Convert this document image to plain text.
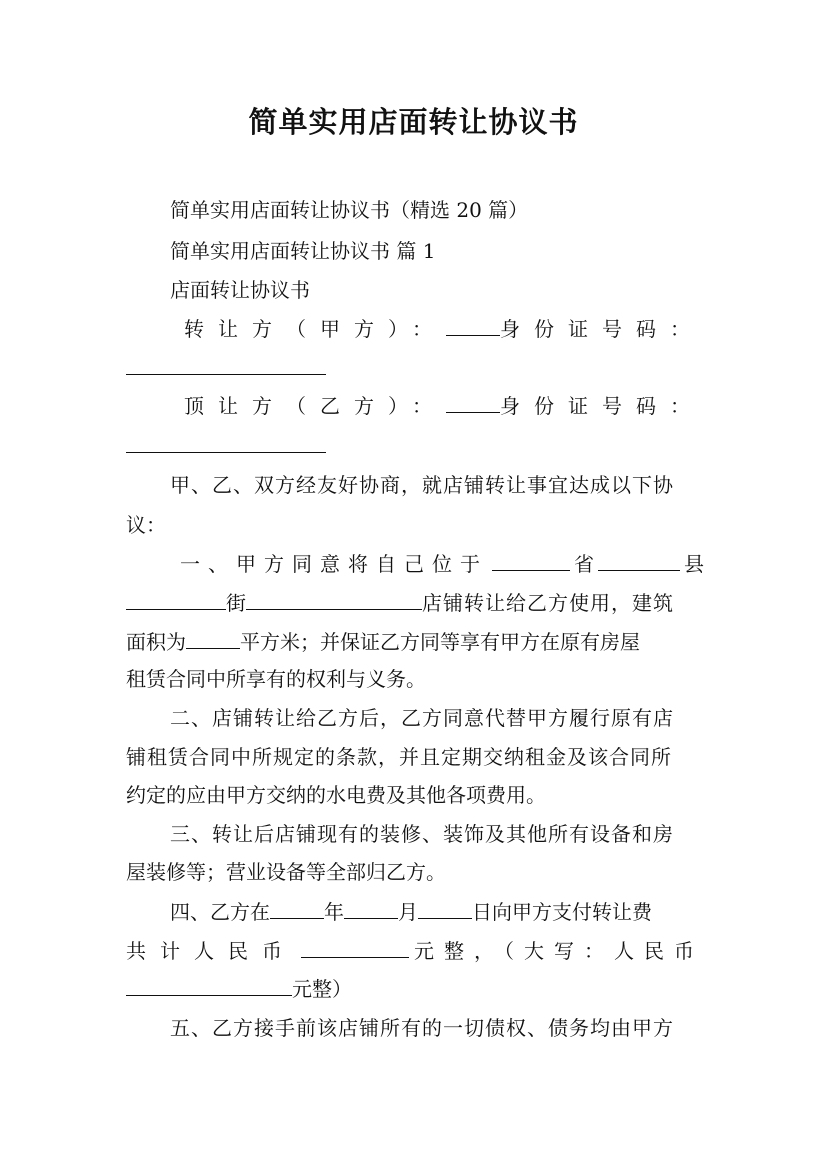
简单实用店面转让协议书

简单实用店面转让协议书（精选 20 篇）

简单实用店面转让协议书 篇 1

店面转让协议书

转让方（甲方）：	身份证号码：
顶让方（乙方）：	身份证号码：

甲、乙、双方经友好协商，就店铺转让事宜达成以下协

议：

一、甲方同意将自己位于	省	县
街	店铺转让给乙方使用，建筑
面积为	平方米；并保证乙方同等享有甲方在原有房屋

租赁合同中所享有的权利与义务。

二、店铺转让给乙方后，乙方同意代替甲方履行原有店

铺租赁合同中所规定的条款，并且定期交纳租金及该合同所

约定的应由甲方交纳的水电费及其他各项费用。

三、转让后店铺现有的装修、装饰及其他所有设备和房

屋装修等；营业设备等全部归乙方。

四、乙方在	年	月	日向甲方支付转让费
共计人民币	元整，（大写：人民币
元整）

五、乙方接手前该店铺所有的一切债权、债务均由甲方
